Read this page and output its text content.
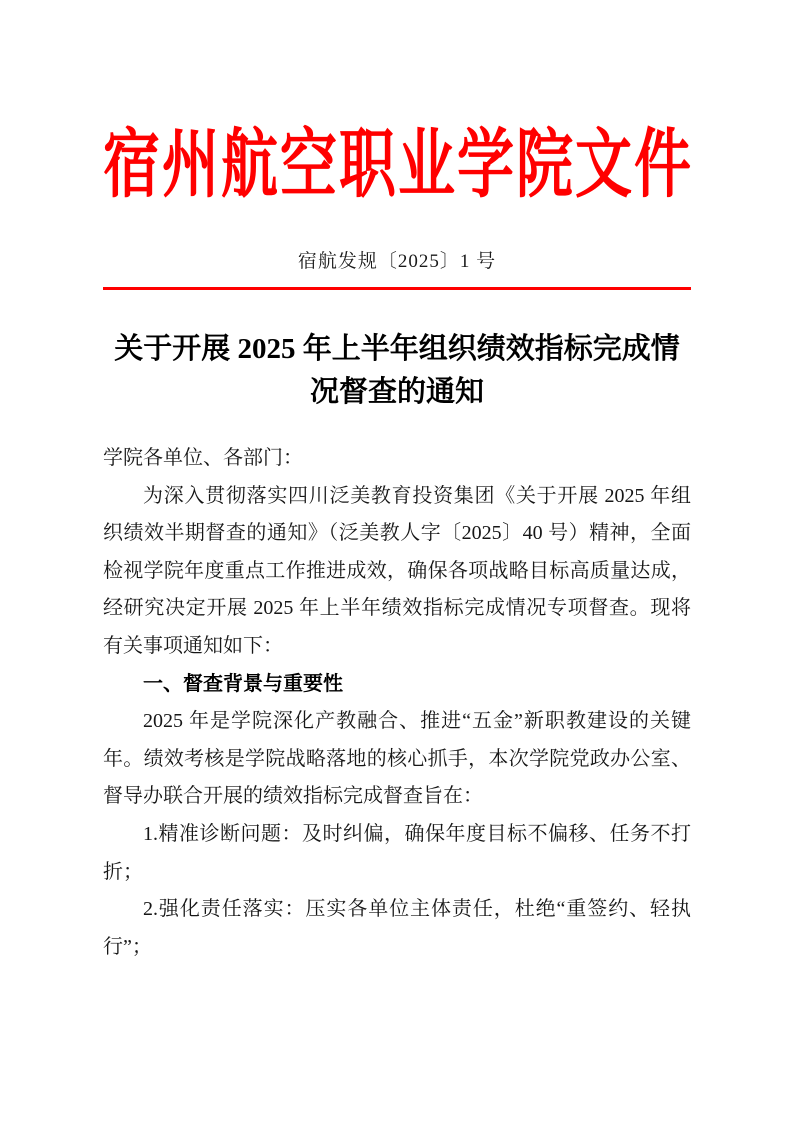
宿州航空职业学院文件
宿航发规〔2025〕1 号
关于开展 2025 年上半年组织绩效指标完成情况督查的通知

学院各单位、各部门：

为深入贯彻落实四川泛美教育投资集团《关于开展 2025 年组织绩效半期督查的通知》（泛美教人字〔2025〕40 号）精神，全面检视学院年度重点工作推进成效，确保各项战略目标高质量达成，经研究决定开展 2025 年上半年绩效指标完成情况专项督查。现将有关事项通知如下：

一、督查背景与重要性

2025 年是学院深化产教融合、推进“五金”新职教建设的关键年。绩效考核是学院战略落地的核心抓手，本次学院党政办公室、督导办联合开展的绩效指标完成督查旨在：

1.精准诊断问题：及时纠偏，确保年度目标不偏移、任务不打折；

2.强化责任落实：压实各单位主体责任，杜绝“重签约、轻执行”；
